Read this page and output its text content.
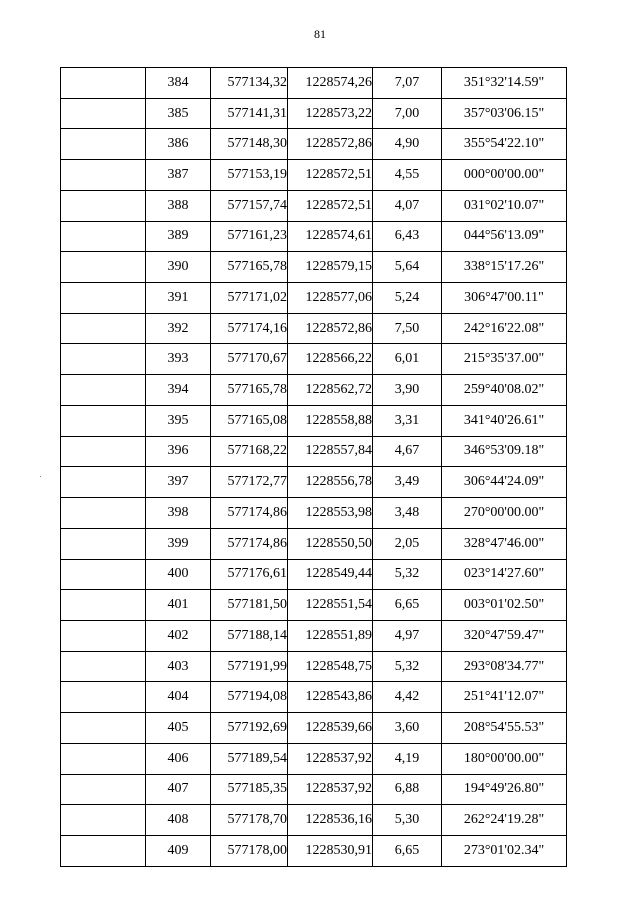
81
	384	577134,32	1228574,26	7,07	351°32'14.59"
	385	577141,31	1228573,22	7,00	357°03'06.15"
	386	577148,30	1228572,86	4,90	355°54'22.10"
	387	577153,19	1228572,51	4,55	000°00'00.00"
	388	577157,74	1228572,51	4,07	031°02'10.07"
	389	577161,23	1228574,61	6,43	044°56'13.09"
	390	577165,78	1228579,15	5,64	338°15'17.26"
	391	577171,02	1228577,06	5,24	306°47'00.11"
	392	577174,16	1228572,86	7,50	242°16'22.08"
	393	577170,67	1228566,22	6,01	215°35'37.00"
	394	577165,78	1228562,72	3,90	259°40'08.02"
	395	577165,08	1228558,88	3,31	341°40'26.61"
	396	577168,22	1228557,84	4,67	346°53'09.18"
	397	577172,77	1228556,78	3,49	306°44'24.09"
	398	577174,86	1228553,98	3,48	270°00'00.00"
	399	577174,86	1228550,50	2,05	328°47'46.00"
	400	577176,61	1228549,44	5,32	023°14'27.60"
	401	577181,50	1228551,54	6,65	003°01'02.50"
	402	577188,14	1228551,89	4,97	320°47'59.47"
	403	577191,99	1228548,75	5,32	293°08'34.77"
	404	577194,08	1228543,86	4,42	251°41'12.07"
	405	577192,69	1228539,66	3,60	208°54'55.53"
	406	577189,54	1228537,92	4,19	180°00'00.00"
	407	577185,35	1228537,92	6,88	194°49'26.80"
	408	577178,70	1228536,16	5,30	262°24'19.28"
	409	577178,00	1228530,91	6,65	273°01'02.34"
